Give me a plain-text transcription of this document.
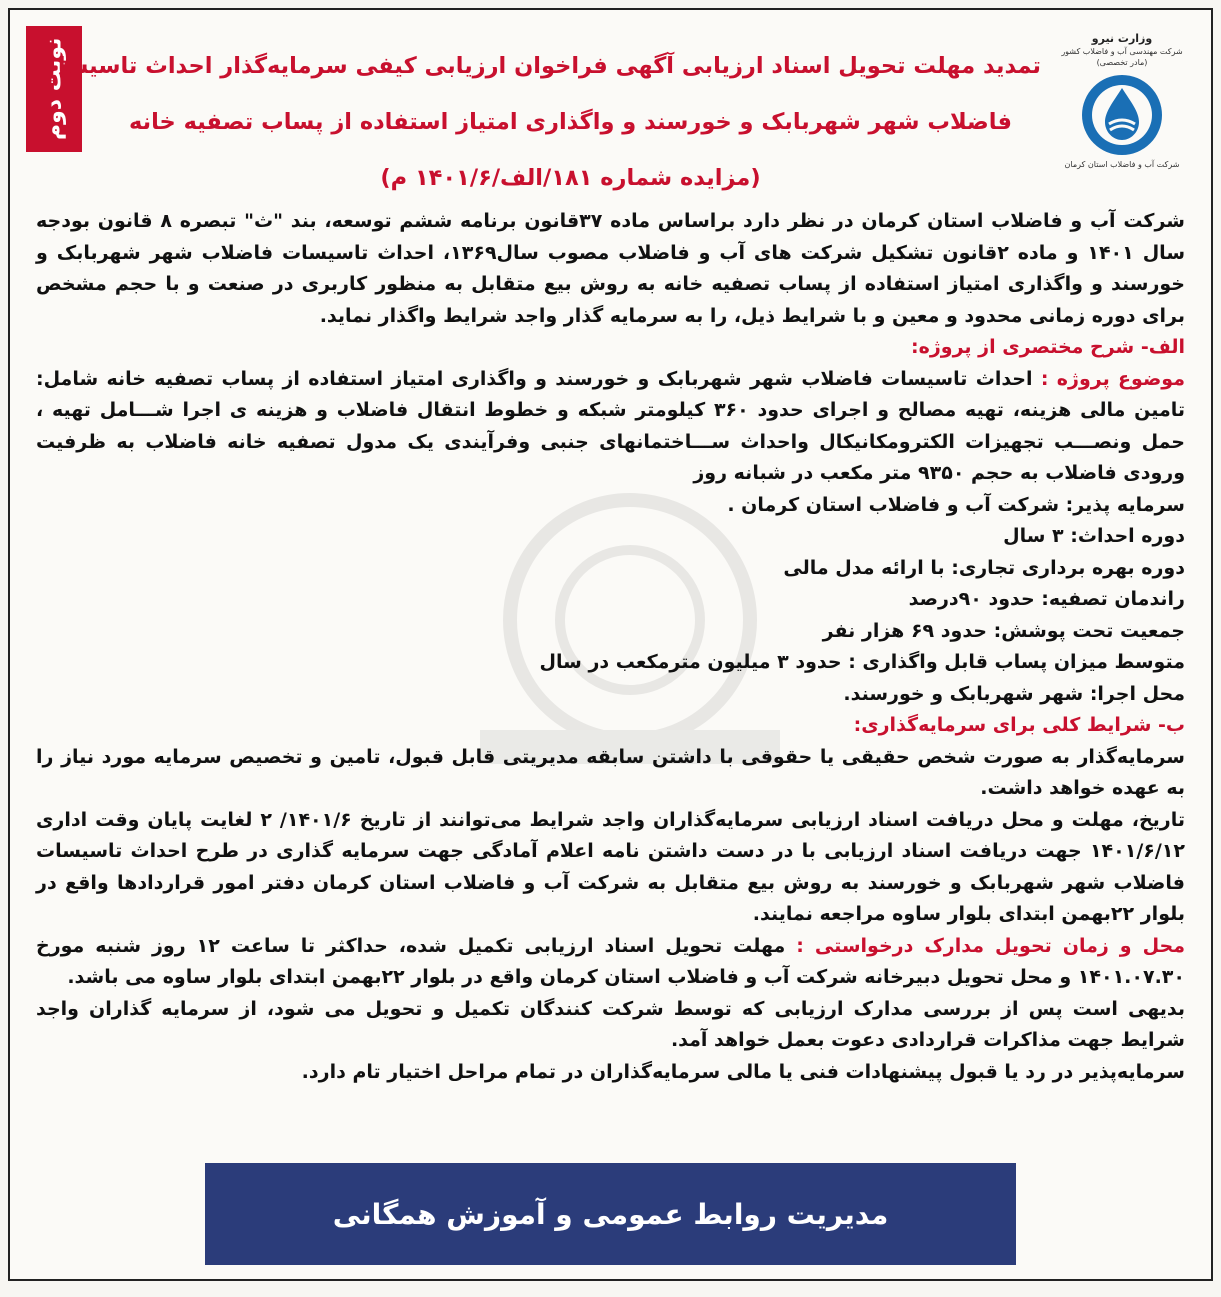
وزارت نیرو
شرکت مهندسی آب و فاضلاب کشور
(مادر تخصصی)
شرکت آب و فاضلاب استان کرمان
نوبت دوم
تمدید مهلت تحویل اسناد ارزیابی آگهی فراخوان ارزیابی کیفی سرمایه‌گذار احداث تاسیسات
فاضلاب شهر شهربابک و خورسند و واگذاری امتیاز استفاده از پساب تصفیه خانه
(مزایده شماره ۱۸۱/الف/۱۴۰۱/۶ م)

شرکت آب و فاضلاب استان کرمان در نظر دارد براساس ماده ۳۷قانون برنامه ششم توسعه، بند "ث" تبصره ۸ قانون بودجه سال ۱۴۰۱ و ماده ۲قانون تشکیل شرکت های آب و فاضلاب مصوب سال۱۳۶۹، احداث تاسیسات فاضلاب شهر شهربابک و خورسند و واگذاری امتیاز استفاده از پساب تصفیه خانه به روش بیع متقابل به منظور کاربری در صنعت و با حجم مشخص برای دوره زمانی محدود و معین و با شرایط ذیل، را به سرمایه گذار واجد شرایط واگذار نماید.

الف- شرح مختصری از پروژه:

موضوع پروژه : احداث تاسیسات فاضلاب شهر شهربابک و خورسند و واگذاری امتیاز استفاده از پساب تصفیه خانه شامل: تامین مالی هزینه، تهیه مصالح و اجرای حدود ۳۶۰ کیلومتر شبکه و خطوط انتقال فاضلاب و هزینه ی اجرا شـــامل تهیه ، حمل ونصـــب تجهیزات الکترومکانیکال واحداث ســـاختمانهای جنبی وفرآیندی یک مدول تصفیه خانه فاضلاب به ظرفیت ورودی فاضلاب به حجم ۹۳۵۰ متر مکعب در شبانه روز

سرمایه پذیر: شرکت آب و فاضلاب استان کرمان .
دوره احداث: ۳ سال
دوره بهره برداری تجاری: با ارائه مدل مالی
راندمان تصفیه: حدود ۹۰درصد
جمعیت تحت پوشش: حدود ۶۹ هزار نفر
متوسط میزان پساب قابل واگذاری : حدود ۳ میلیون مترمکعب در سال
محل اجرا: شهر شهربابک و خورسند.
ب- شرایط کلی برای سرمایه‌گذاری:

سرمایه‌گذار به صورت شخص حقیقی یا حقوقی با داشتن سابقه مدیریتی قابل قبول، تامین و تخصیص سرمایه مورد نیاز را به عهده خواهد داشت.

تاریخ، مهلت و محل دریافت اسناد ارزیابی سرمایه‌گذاران واجد شرایط می‌توانند از تاریخ ۱۴۰۱/۶/ ۲ لغایت پایان وقت اداری ۱۴۰۱/۶/۱۲ جهت دریافت اسناد ارزیابی با در دست داشتن نامه اعلام آمادگی جهت سرمایه گذاری در طرح احداث تاسیسات فاضلاب شهر شهربابک و خورسند به روش بیع متقابل به شرکت آب و فاضلاب استان کرمان دفتر امور قراردادها واقع در بلوار ۲۲بهمن ابتدای بلوار ساوه مراجعه نمایند.

محل و زمان تحویل مدارک درخواستی : مهلت تحویل اسناد ارزیابی تکمیل شده، حداکثر تا ساعت ۱۲ روز شنبه مورخ ۱۴۰۱.۰۷.۳۰ و محل تحویل دبیرخانه شرکت آب و فاضلاب استان کرمان واقع در بلوار ۲۲بهمن ابتدای بلوار ساوه می باشد.

بدیهی است پس از بررسی مدارک ارزیابی که توسط شرکت کنندگان تکمیل و تحویل می شود، از سرمایه گذاران واجد شرایط جهت مذاکرات قراردادی دعوت بعمل خواهد آمد.

سرمایه‌پذیر در رد یا قبول پیشنهادات فنی یا مالی سرمایه‌گذاران در تمام مراحل اختیار تام دارد.

مدیریت روابط عمومی و آموزش همگانی
